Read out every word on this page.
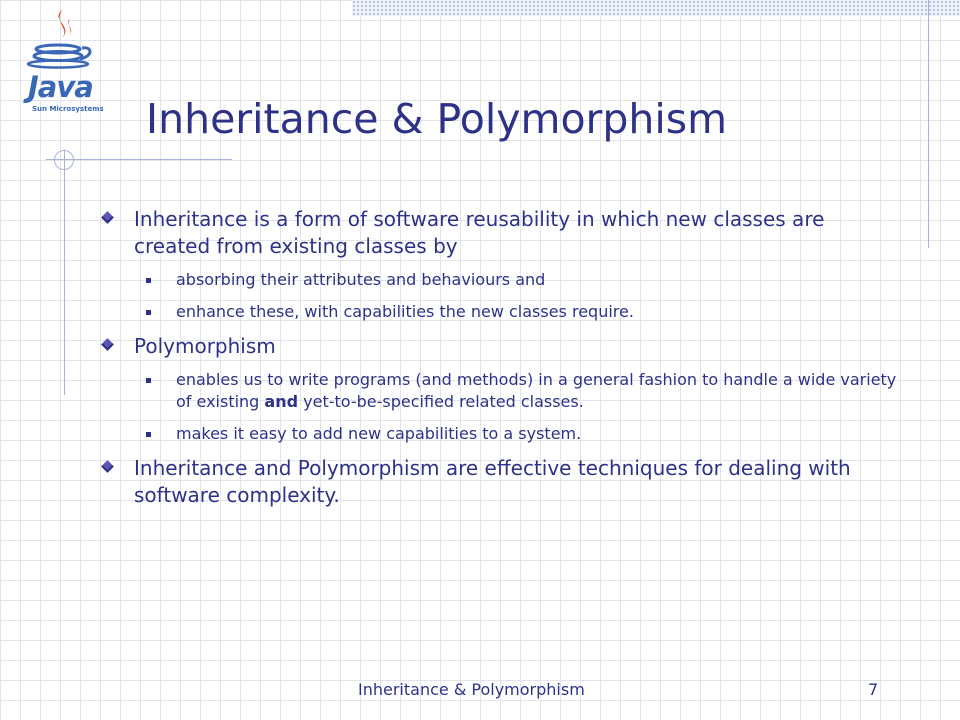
Java
Sun Microsystems Inheritance & Polymorphism
Inheritance is a form of software reusability in which new classes are created from existing classes by
absorbing their attributes and behaviours and
enhance these, with capabilities the new classes require.
Polymorphism
enables us to write programs (and methods) in a general fashion to handle a wide variety of existing and yet-to-be-specified related classes.
makes it easy to add new capabilities to a system.
Inheritance and Polymorphism are effective techniques for dealing with software complexity.
Inheritance & Polymorphism	7
